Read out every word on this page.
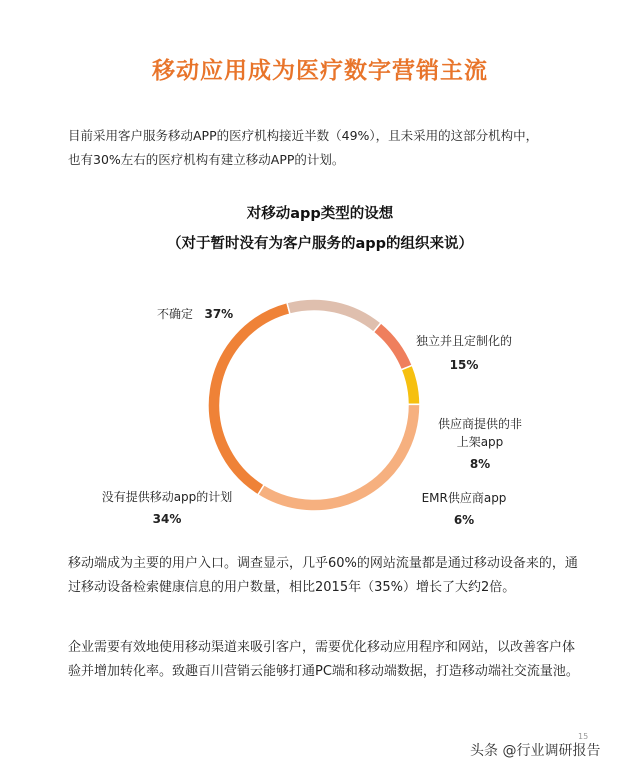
移动应用成为医疗数字营销主流
目前采用客户服务移动APP的医疗机构接近半数（49%），且未采用的这部分机构中，
也有30%左右的医疗机构有建立移动APP的计划。
对移动app类型的设想
（对于暂时没有为客户服务的app的组织来说）
不确定 37%
独立并且定制化的
15%
供应商提供的非
上架app
8%
EMR供应商app
6%
没有提供移动app的计划
34%
移动端成为主要的用户入口。调查显示，几乎60%的网站流量都是通过移动设备来的，通过移动设备检索健康信息的用户数量，相比2015年（35%）增长了大约2倍。
企业需要有效地使用移动渠道来吸引客户，需要优化移动应用程序和网站，以改善客户体验并增加转化率。致趣百川营销云能够打通PC端和移动端数据，打造移动端社交流量池。
15
头条 @行业调研报告
